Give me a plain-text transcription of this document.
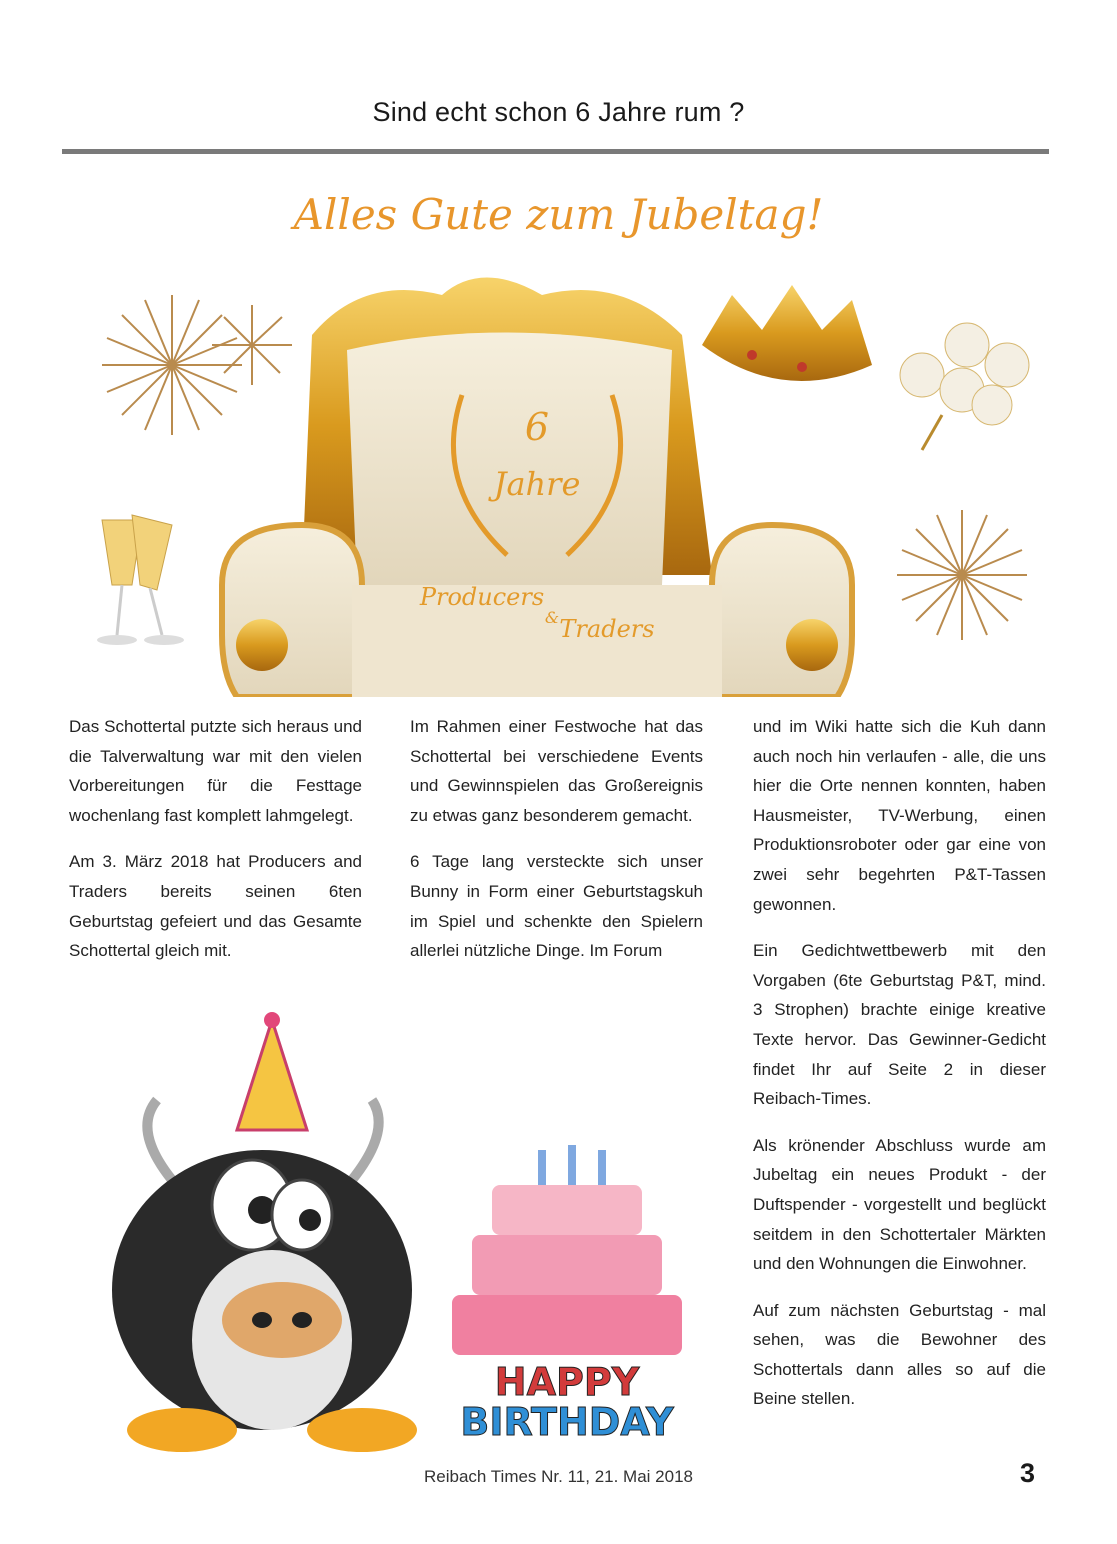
Sind echt schon 6 Jahre rum ?
Alles Gute zum Jubeltag!
6
Jahre
Producers
& Traders

Das Schottertal putzte sich heraus und die Talverwaltung war mit den vielen Vorbereitungen für die Festtage wochenlang fast komplett lahmgelegt.

Am 3. März 2018 hat Producers and Traders bereits seinen 6ten Geburtstag gefeiert und das Gesamte Schottertal gleich mit.

Im Rahmen einer Festwoche hat das Schottertal bei verschiedene Events und Gewinnspielen das Großereignis zu etwas ganz besonderem gemacht.

6 Tage lang versteckte sich unser Bunny in Form einer Geburtstagskuh im Spiel und schenkte den Spielern allerlei nützliche Dinge. Im Forum

und im Wiki hatte sich die Kuh dann auch noch hin verlaufen - alle, die uns hier die Orte nennen konnten, haben Hausmeister, TV-Werbung, einen Produktionsroboter oder gar eine von zwei sehr begehrten P&T-Tassen gewonnen.

Ein Gedichtwettbewerb mit den Vorgaben (6te Geburtstag P&T, mind. 3 Strophen) brachte einige kreative Texte hervor. Das Gewinner-Gedicht findet Ihr auf Seite 2 in dieser Reibach-Times.

Als krönender Abschluss wurde am Jubeltag ein neues Produkt - der Duftspender - vorgestellt und beglückt seitdem in den Schottertaler Märkten und den Wohnungen die Einwohner.

Auf zum nächsten Geburtstag - mal sehen, was die Bewohner des Schottertals dann alles so auf die Beine stellen.

HAPPY
BIRTHDAY
Reibach Times Nr. 11, 21. Mai 2018	3
